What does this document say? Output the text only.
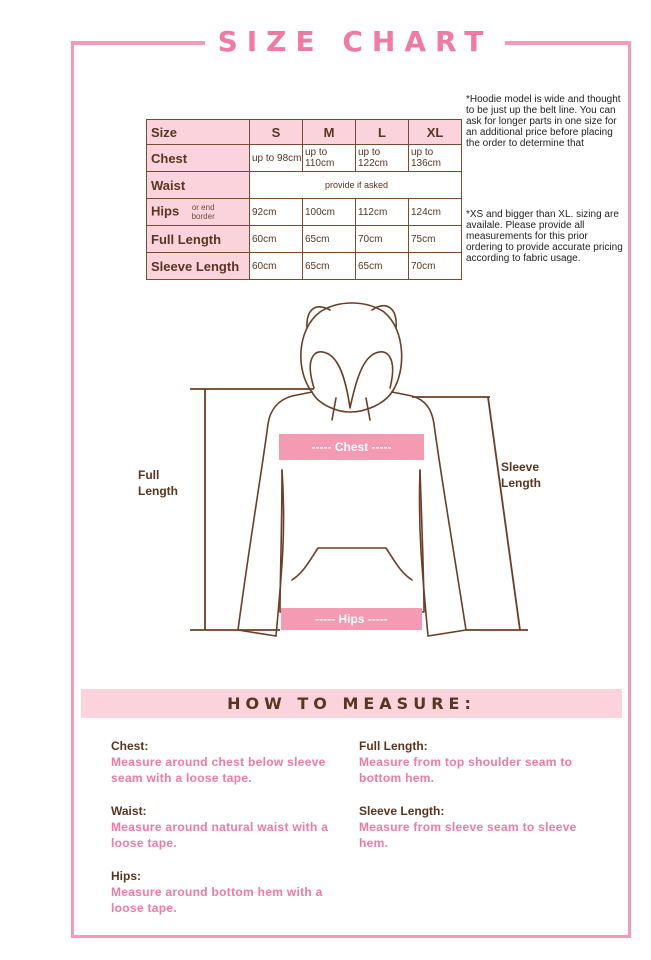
SIZE CHART
Size	S	M	L	XL
Chest	up to 98cm	up to 110cm	up to 122cm	up to 136cm
Waist	provide if asked			
Hips or end border	92cm	100cm	112cm	124cm
Full Length	60cm	65cm	70cm	75cm
Sleeve Length	60cm	65cm	65cm	70cm
*Hoodie model is wide and thought to be just up the belt line. You can ask for longer parts in one size for an additional price before placing the order to determine that
*XS and bigger than XL. sizing are availale. Please provide all measurements for this prior ordering to provide accurate pricing according to fabric usage.
----- Chest -----
----- Hips -----
Full Length
Sleeve Length
HOW TO MEASURE:
Chest:
Measure around chest below sleeve seam with a loose tape.
Waist:
Measure around natural waist with a loose tape.
Hips:
Measure around bottom hem with a loose tape.
Full Length:
Measure from top shoulder seam to bottom hem.
Sleeve Length:
Measure from sleeve seam to sleeve hem.
